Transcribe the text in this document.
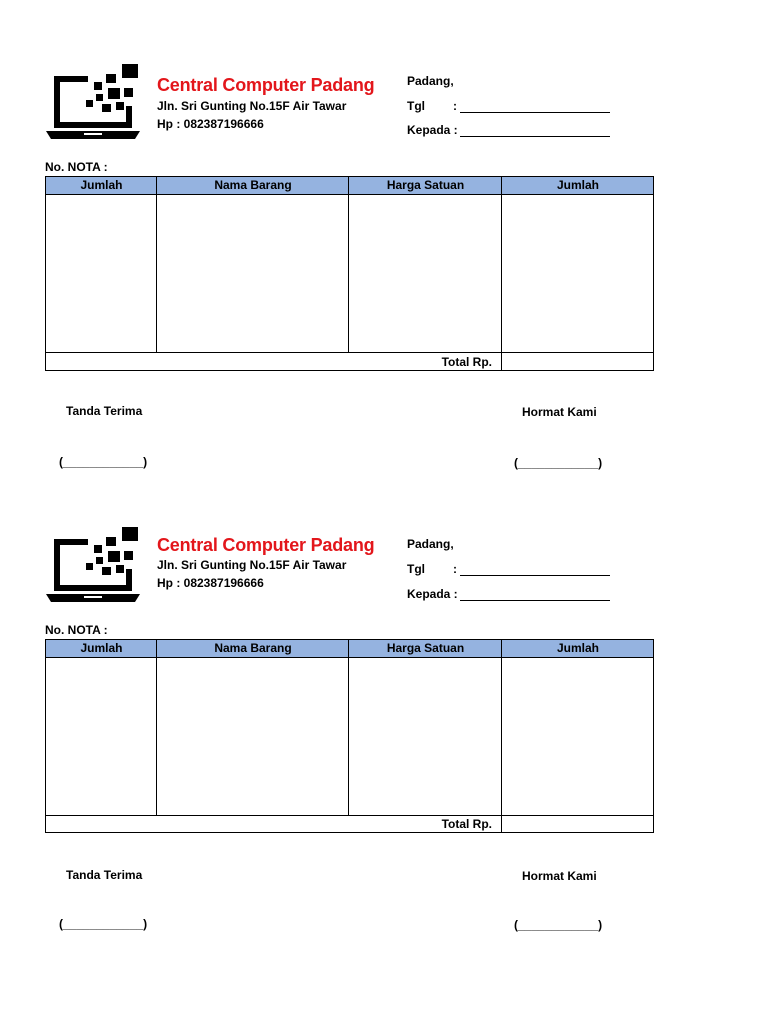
Central Computer Padang
Jln. Sri Gunting No.15F Air Tawar
Hp : 082387196666
Padang,
Tgl :
Kepada :
No. NOTA :
Jumlah	Nama Barang	Harga Satuan	Jumlah
Total Rp.
Tanda Terima	Hormat Kami
(____________)	(____________)
Central Computer Padang
Jln. Sri Gunting No.15F Air Tawar
Hp : 082387196666
Padang,
Tgl :
Kepada :
No. NOTA :
Jumlah	Nama Barang	Harga Satuan	Jumlah
Total Rp.
Tanda Terima	Hormat Kami
(____________)	(____________)
